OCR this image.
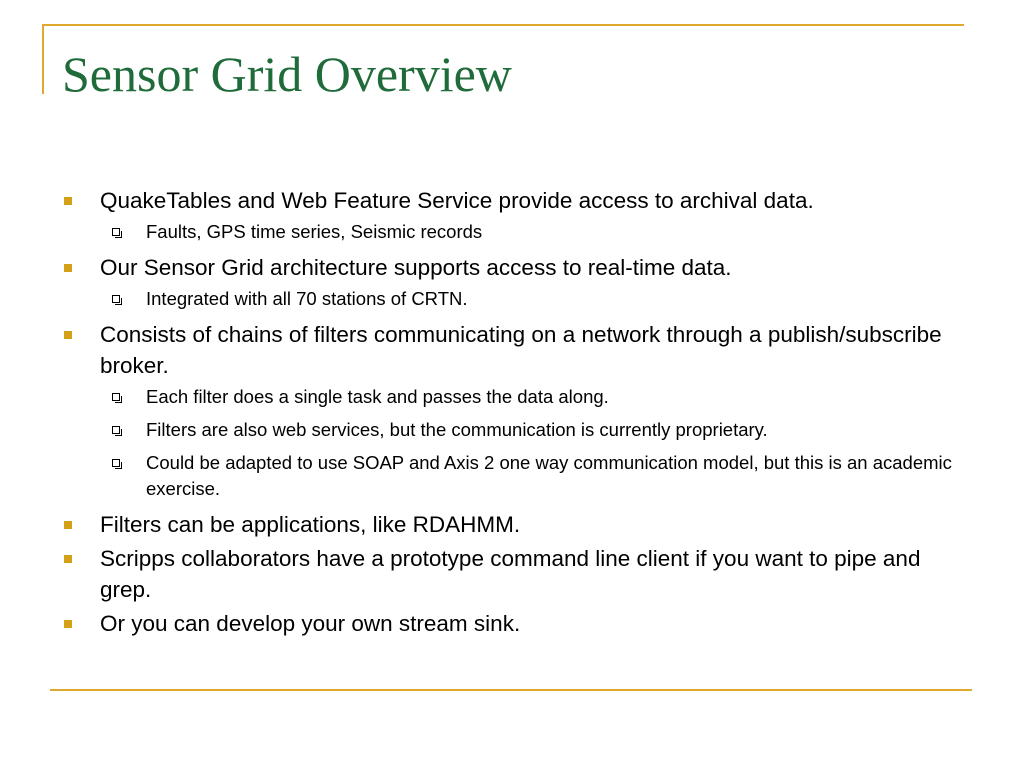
Sensor Grid Overview
QuakeTables and Web Feature Service provide access to archival data.
Faults, GPS time series, Seismic records
Our Sensor Grid architecture supports access to real-time data.
Integrated with all 70 stations of CRTN.
Consists of chains of filters communicating on a network through a publish/subscribe broker.
Each filter does a single task and passes the data along.
Filters are also web services, but the communication is currently proprietary.
Could be adapted to use SOAP and Axis 2 one way communication model, but this is an academic exercise.
Filters can be applications, like RDAHMM.
Scripps collaborators have a prototype command line client if you want to pipe and grep.
Or you can develop your own stream sink.
